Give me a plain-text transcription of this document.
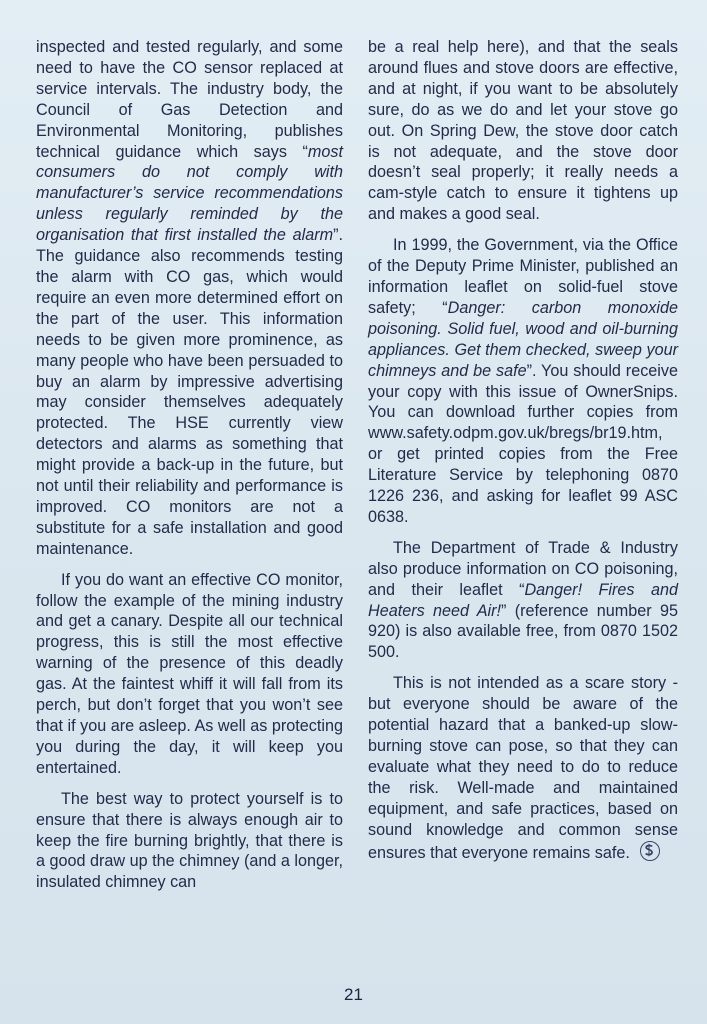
inspected and tested regularly, and some need to have the CO sensor replaced at service intervals. The industry body, the Council of Gas Detection and Environmental Monitoring, publishes technical guidance which says “most consumers do not comply with manufacturer’s service recommendations unless regularly reminded by the organisation that first installed the alarm”. The guidance also recommends testing the alarm with CO gas, which would require an even more determined effort on the part of the user. This information needs to be given more prominence, as many people who have been persuaded to buy an alarm by impressive advertising may consider themselves adequately protected. The HSE currently view detectors and alarms as something that might provide a back-up in the future, but not until their reliability and performance is improved. CO monitors are not a substitute for a safe installation and good maintenance.

If you do want an effective CO monitor, follow the example of the mining industry and get a canary. Despite all our technical progress, this is still the most effective warning of the presence of this deadly gas. At the faintest whiff it will fall from its perch, but don’t forget that you won’t see that if you are asleep. As well as protecting you during the day, it will keep you entertained.

The best way to protect yourself is to ensure that there is always enough air to keep the fire burning brightly, that there is a good draw up the chimney (and a longer, insulated chimney can

be a real help here), and that the seals around flues and stove doors are effective, and at night, if you want to be absolutely sure, do as we do and let your stove go out. On Spring Dew, the stove door catch is not adequate, and the stove door doesn’t seal properly; it really needs a cam-style catch to ensure it tightens up and makes a good seal.

In 1999, the Government, via the Office of the Deputy Prime Minister, published an information leaflet on solid-fuel stove safety; “Danger: carbon monoxide poisoning. Solid fuel, wood and oil-burning appliances. Get them checked, sweep your chimneys and be safe”. You should receive your copy with this issue of OwnerSnips. You can download further copies from www.safety.odpm.gov.uk/bregs/br19.htm, or get printed copies from the Free Literature Service by telephoning 0870 1226 236, and asking for leaflet 99 ASC 0638.

The Department of Trade & Industry also produce information on CO poisoning, and their leaflet “Danger! Fires and Heaters need Air!” (reference number 95 920) is also available free, from 0870 1502 500.

This is not intended as a scare story - but everyone should be aware of the potential hazard that a banked-up slow-burning stove can pose, so that they can evaluate what they need to do to reduce the risk. Well-made and maintained equipment, and safe practices, based on sound knowledge and common sense ensures that everyone remains safe.

21
